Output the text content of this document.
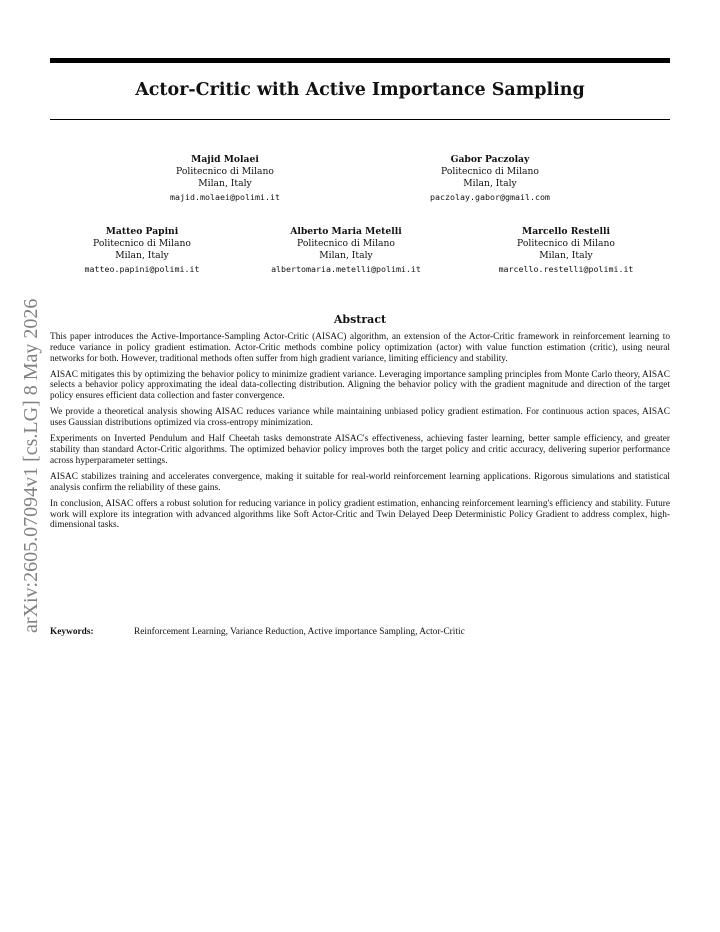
Actor-Critic with Active Importance Sampling
Majid Molaei
Politecnico di Milano
Milan, Italy
majid.molaei@polimi.it
Gabor Paczolay
Politecnico di Milano
Milan, Italy
paczolay.gabor@gmail.com
Matteo Papini
Politecnico di Milano
Milan, Italy
matteo.papini@polimi.it
Alberto Maria Metelli
Politecnico di Milano
Milan, Italy
albertomaria.metelli@polimi.it
Marcello Restelli
Politecnico di Milano
Milan, Italy
marcello.restelli@polimi.it
arXiv:2605.07094v1 [cs.LG] 8 May 2026	Abstract

This paper introduces the Active-Importance-Sampling Actor-Critic (AISAC) algorithm, an extension of the Actor-Critic framework in reinforcement learning to reduce variance in policy gradient estimation. Actor-Critic methods combine policy optimization (actor) with value function estimation (critic), using neural networks for both. However, traditional methods often suffer from high gradient variance, limiting efficiency and stability.

AISAC mitigates this by optimizing the behavior policy to minimize gradient variance. Leveraging importance sampling principles from Monte Carlo theory, AISAC selects a behavior policy approximating the ideal data-collecting distribution. Aligning the behavior policy with the gradient magnitude and direction of the target policy ensures efficient data collection and faster convergence.

We provide a theoretical analysis showing AISAC reduces variance while maintaining unbiased policy gradient estimation. For continuous action spaces, AISAC uses Gaussian distributions optimized via cross-entropy minimization.

Experiments on Inverted Pendulum and Half Cheetah tasks demonstrate AISAC's effectiveness, achieving faster learning, better sample efficiency, and greater stability than standard Actor-Critic algorithms. The optimized behavior policy improves both the target policy and critic accuracy, delivering superior performance across hyperparameter settings.

AISAC stabilizes training and accelerates convergence, making it suitable for real-world reinforcement learning applications. Rigorous simulations and statistical analysis confirm the reliability of these gains.

In conclusion, AISAC offers a robust solution for reducing variance in policy gradient estimation, enhancing reinforcement learning's efficiency and stability. Future work will explore its integration with advanced algorithms like Soft Actor-Critic and Twin Delayed Deep Deterministic Policy Gradient to address complex, high-dimensional tasks.

Keywords:	Reinforcement Learning, Variance Reduction, Active importance Sampling, Actor-Critic
